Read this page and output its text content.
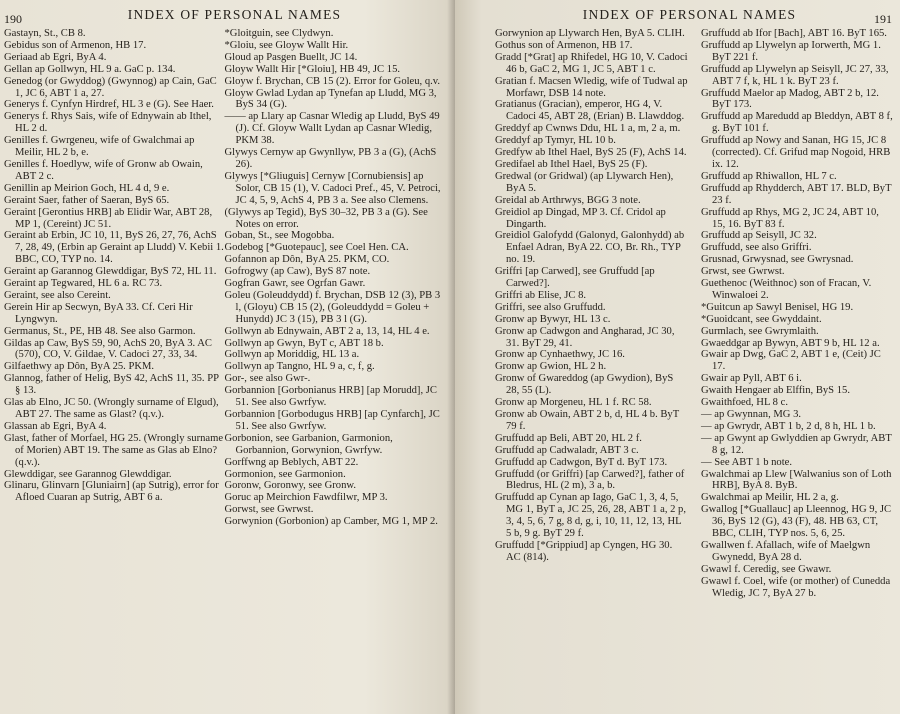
190	INDEX OF PERSONAL NAMES

Gastayn, St., CB 8.

Gebidus son of Armenon, HB 17.

Geriaad ab Egri, ByA 4.

Gellan ap Gollwyn, HL 9 a. GaC p. 134.

Genedog (or Gwyddog) (Gwynnog) ap Cain, GaC 1, JC 6, ABT 1 a, 27.

Generys f. Cynfyn Hirdref, HL 3 e (G). See Haer.

Generys f. Rhys Sais, wife of Ednywain ab Ithel, HL 2 d.

Genilles f. Gwrgeneu, wife of Gwalchmai ap Meilir, HL 2 b, e.

Genilles f. Hoedlyw, wife of Gronw ab Owain, ABT 2 c.

Genillin ap Meirion Goch, HL 4 d, 9 e.

Geraint Saer, father of Saeran, ByS 65.

Geraint [Gerontius HRB] ab Elidir War, ABT 28, MP 1, (Cereint) JC 51.

Geraint ab Erbin, JC 10, 11, ByS 26, 27, 76, AchS 7, 28, 49, (Erbin ap Geraint ap Lludd) V. Kebii 1. BBC, CO, TYP no. 14.

Geraint ap Garannog Glewddigar, ByS 72, HL 11.

Geraint ap Tegwared, HL 6 a. RC 73.

Geraint, see also Cereint.

Gerein Hir ap Secwyn, ByA 33. Cf. Ceri Hir Lyngwyn.

Germanus, St., PE, HB 48. See also Garmon.

Gildas ap Caw, ByS 59, 90, AchS 20, ByA 3. AC (570), CO, V. Gildae, V. Cadoci 27, 33, 34.

Gilfaethwy ap Dôn, ByA 25. PKM.

Glannog, father of Helig, ByS 42, AchS 11, 35. PP § 13.

Glas ab Elno, JC 50. (Wrongly surname of Elgud), ABT 27. The same as Glast? (q.v.).

Glassan ab Egri, ByA 4.

Glast, father of Morfael, HG 25. (Wrongly surname of Morien) ABT 19. The same as Glas ab Elno? (q.v.).

Glewddigar, see Garannog Glewddigar.

Glinaru, Glinvarn [Gluniairn] (ap Sutrig), error for Afloed Cuaran ap Sutrig, ABT 6 a.

*Gloitguin, see Clydwyn.

*Gloiu, see Gloyw Wallt Hir.

Gloud ap Pasgen Buellt, JC 14.

Gloyw Wallt Hir [*Gloiu], HB 49, JC 15.

Gloyw f. Brychan, CB 15 (2). Error for Goleu, q.v.

Gloyw Gwlad Lydan ap Tynefan ap Lludd, MG 3, ByS 34 (G).

—— ap Llary ap Casnar Wledig ap Lludd, ByS 49 (J). Cf. Gloyw Wallt Lydan ap Casnar Wledig, PKM 38.

Glywys Cernyw ap Gwynllyw, PB 3 a (G), (AchS 26).

Glywys [*Gliuguis] Cernyw [Cornubiensis] ap Solor, CB 15 (1), V. Cadoci Pref., 45, V. Petroci, JC 4, 5, 9, AchS 4, PB 3 a. See also Clemens.

(Glywys ap Tegid), ByS 30–32, PB 3 a (G). See Notes on error.

Goban, St., see Mogobba.

Godebog [*Guotepauc], see Coel Hen. CA.

Gofannon ap Dôn, ByA 25. PKM, CO.

Gofrogwy (ap Caw), ByS 87 note.

Gogfran Gawr, see Ogrfan Gawr.

Goleu (Goleuddydd) f. Brychan, DSB 12 (3), PB 3 l, (Gloyu) CB 15 (2), (Goleuddydd = Goleu + Hunydd) JC 3 (15), PB 3 l (G).

Gollwyn ab Ednywain, ABT 2 a, 13, 14, HL 4 e.

Gollwyn ap Gwyn, ByT c, ABT 18 b.

Gollwyn ap Moriddig, HL 13 a.

Gollwyn ap Tangno, HL 9 a, c, f, g.

Gor-, see also Gwr-.

Gorbannion [Gorbonianus HRB] [ap Morudd], JC 51. See also Gwrfyw.

Gorbannion [Gorbodugus HRB] [ap Cynfarch], JC 51. See also Gwrfyw.

Gorbonion, see Garbanion, Garmonion, Gorbannion, Gorwynion, Gwrfyw.

Gorffwng ap Beblych, ABT 22.

Gormonion, see Garmonion.

Goronw, Goronwy, see Gronw.

Goruc ap Meirchion Fawdfilwr, MP 3.

Gorwst, see Gwrwst.

Gorwynion (Gorbonion) ap Camber, MG 1, MP 2.

INDEX OF PERSONAL NAMES	191

Gorwynion ap Llywarch Hen, ByA 5. CLIH.

Gothus son of Armenon, HB 17.

Gradd [*Grat] ap Rhifedel, HG 10, V. Cadoci 46 b, GaC 2, MG 1, JC 5, ABT 1 c.

Gratian f. Macsen Wledig, wife of Tudwal ap Morfawr, DSB 14 note.

Gratianus (Gracian), emperor, HG 4, V. Cadoci 45, ABT 28, (Erian) B. Llawddog.

Greddyf ap Cwnws Ddu, HL 1 a, m, 2 a, m.

Greddyf ap Tymyr, HL 10 b.

Gredfyw ab Ithel Hael, ByS 25 (F), AchS 14.

Gredifael ab Ithel Hael, ByS 25 (F).

Gredwal (or Gridwal) (ap Llywarch Hen), ByA 5.

Greidal ab Arthrwys, BGG 3 note.

Greidiol ap Dingad, MP 3. Cf. Cridol ap Dingarth.

Greidiol Galofydd (Galonyd, Galonhydd) ab Enfael Adran, ByA 22. CO, Br. Rh., TYP no. 19.

Griffri [ap Carwed], see Gruffudd [ap Carwed?].

Griffri ab Elise, JC 8.

Griffri, see also Gruffudd.

Gronw ap Bywyr, HL 13 c.

Gronw ap Cadwgon and Angharad, JC 30, 31. ByT 29, 41.

Gronw ap Cynhaethwy, JC 16.

Gronw ap Gwion, HL 2 h.

Gronw of Gwareddog (ap Gwydion), ByS 28, 55 (L).

Gronw ap Morgeneu, HL 1 f. RC 58.

Gronw ab Owain, ABT 2 b, d, HL 4 b. ByT 79 f.

Gruffudd ap Beli, ABT 20, HL 2 f.

Gruffudd ap Cadwaladr, ABT 3 c.

Gruffudd ap Cadwgon, ByT d. ByT 173.

Gruffudd (or Griffri) [ap Carwed?], father of Bledrus, HL (2 m), 3 a, b.

Gruffudd ap Cynan ap Iago, GaC 1, 3, 4, 5, MG 1, ByT a, JC 25, 26, 28, ABT 1 a, 2 p, 3, 4, 5, 6, 7 g, 8 d, g, i, 10, 11, 12, 13, HL 5 b, 9 g. ByT 29 f.

Gruffudd [*Grippiud] ap Cyngen, HG 30. AC (814).

Gruffudd ab Ifor [Bach], ABT 16. ByT 165.

Gruffudd ap Llywelyn ap Iorwerth, MG 1. ByT 221 f.

Gruffudd ap Llywelyn ap Seisyll, JC 27, 33, ABT 7 f, k, HL 1 k. ByT 23 f.

Gruffudd Maelor ap Madog, ABT 2 b, 12. ByT 173.

Gruffudd ap Maredudd ap Bleddyn, ABT 8 f, g. ByT 101 f.

Gruffudd ap Nowy and Sanan, HG 15, JC 8 (corrected). Cf. Grifud map Nogoid, HRB ix. 12.

Gruffudd ap Rhiwallon, HL 7 c.

Gruffudd ap Rhydderch, ABT 17. BLD, ByT 23 f.

Gruffudd ap Rhys, MG 2, JC 24, ABT 10, 15, 16. ByT 83 f.

Gruffudd ap Seisyll, JC 32.

Gruffudd, see also Griffri.

Grusnad, Grwysnad, see Gwrysnad.

Grwst, see Gwrwst.

Guethenoc (Weithnoc) son of Fracan, V. Winwaloei 2.

*Guitcun ap Sawyl Benisel, HG 19.

*Guoidcant, see Gwyddaint.

Gurmlach, see Gwrymlaith.

Gwaeddgar ap Bywyn, ABT 9 b, HL 12 a.

Gwair ap Dwg, GaC 2, ABT 1 e, (Ceit) JC 17.

Gwair ap Pyll, ABT 6 i.

Gwaith Hengaer ab Elffin, ByS 15.

Gwaithfoed, HL 8 c.

— ap Gwynnan, MG 3.

— ap Gwrydr, ABT 1 b, 2 d, 8 h, HL 1 b.

— ap Gwynt ap Gwlyddien ap Gwrydr, ABT 8 g, 12.

— See ABT 1 b note.

Gwalchmai ap Llew [Walwanius son of Loth HRB], ByA 8. ByB.

Gwalchmai ap Meilir, HL 2 a, g.

Gwallog [*Guallauc] ap Lleennog, HG 9, JC 36, ByS 12 (G), 43 (F), 48. HB 63, CT, BBC, CLIH, TYP nos. 5, 6, 25.

Gwallwen f. Afallach, wife of Maelgwn Gwynedd, ByA 28 d.

Gwawl f. Ceredig, see Gwawr.

Gwawl f. Coel, wife (or mother) of Cunedda Wledig, JC 7, ByA 27 b.
